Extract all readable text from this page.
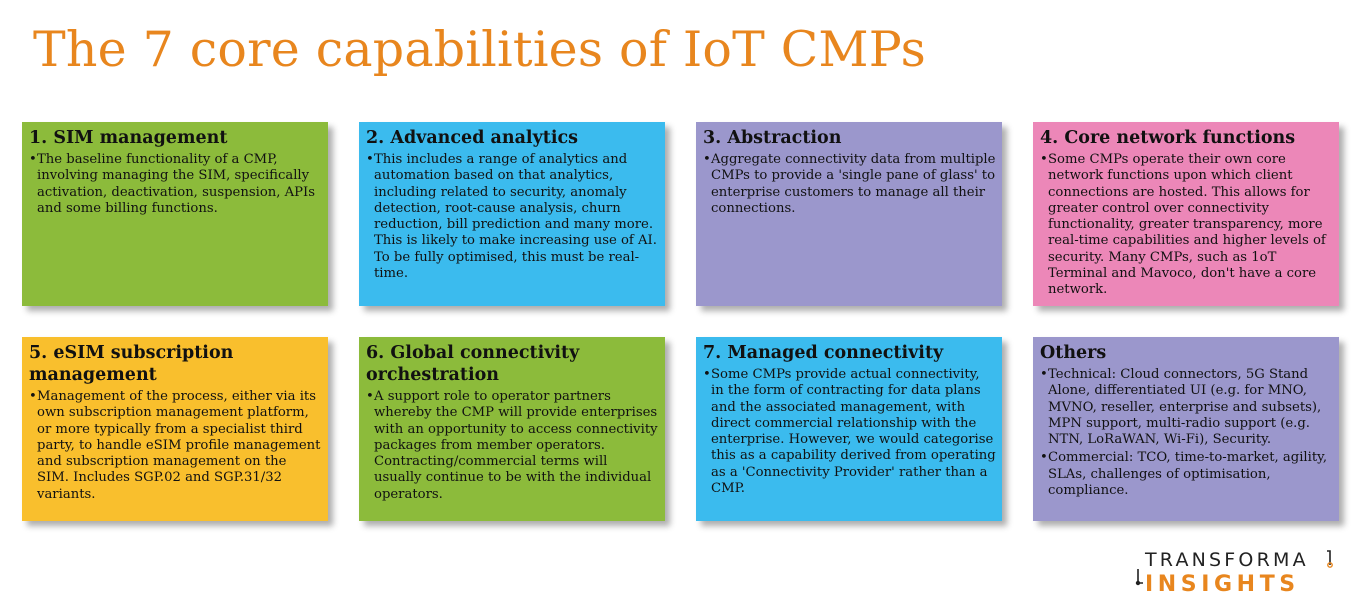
The 7 core capabilities of IoT CMPs
1. SIM management
• The baseline functionality of a CMP, involving managing the SIM, specifically activation, deactivation, suspension, APIs and some billing functions.
2. Advanced analytics
• This includes a range of analytics and automation based on that analytics, including related to security, anomaly detection, root-cause analysis, churn reduction, bill prediction and many more. This is likely to make increasing use of AI. To be fully optimised, this must be real-time.
3. Abstraction
• Aggregate connectivity data from multiple CMPs to provide a 'single pane of glass' to enterprise customers to manage all their connections.
4. Core network functions
• Some CMPs operate their own core network functions upon which client connections are hosted. This allows for greater control over connectivity functionality, greater transparency, more real-time capabilities and higher levels of security. Many CMPs, such as 1oT Terminal and Mavoco, don't have a core network.
5. eSIM subscription management
• Management of the process, either via its own subscription management platform, or more typically from a specialist third party, to handle eSIM profile management and subscription management on the SIM. Includes SGP.02 and SGP.31/32 variants.
6. Global connectivity orchestration
• A support role to operator partners whereby the CMP will provide enterprises with an opportunity to access connectivity packages from member operators. Contracting/commercial terms will usually continue to be with the individual operators.
7. Managed connectivity
• Some CMPs provide actual connectivity, in the form of contracting for data plans and the associated management, with direct commercial relationship with the enterprise. However, we would categorise this as a capability derived from operating as a 'Connectivity Provider' rather than a CMP.
Others
• Technical: Cloud connectors, 5G Stand Alone, differentiated UI (e.g. for MNO, MVNO, reseller, enterprise and subsets), MPN support, multi-radio support (e.g. NTN, LoRaWAN, Wi-Fi), Security.
• Commercial: TCO, time-to-market, agility, SLAs, challenges of optimisation, compliance.
TRANSFORMA
INSIGHTS
